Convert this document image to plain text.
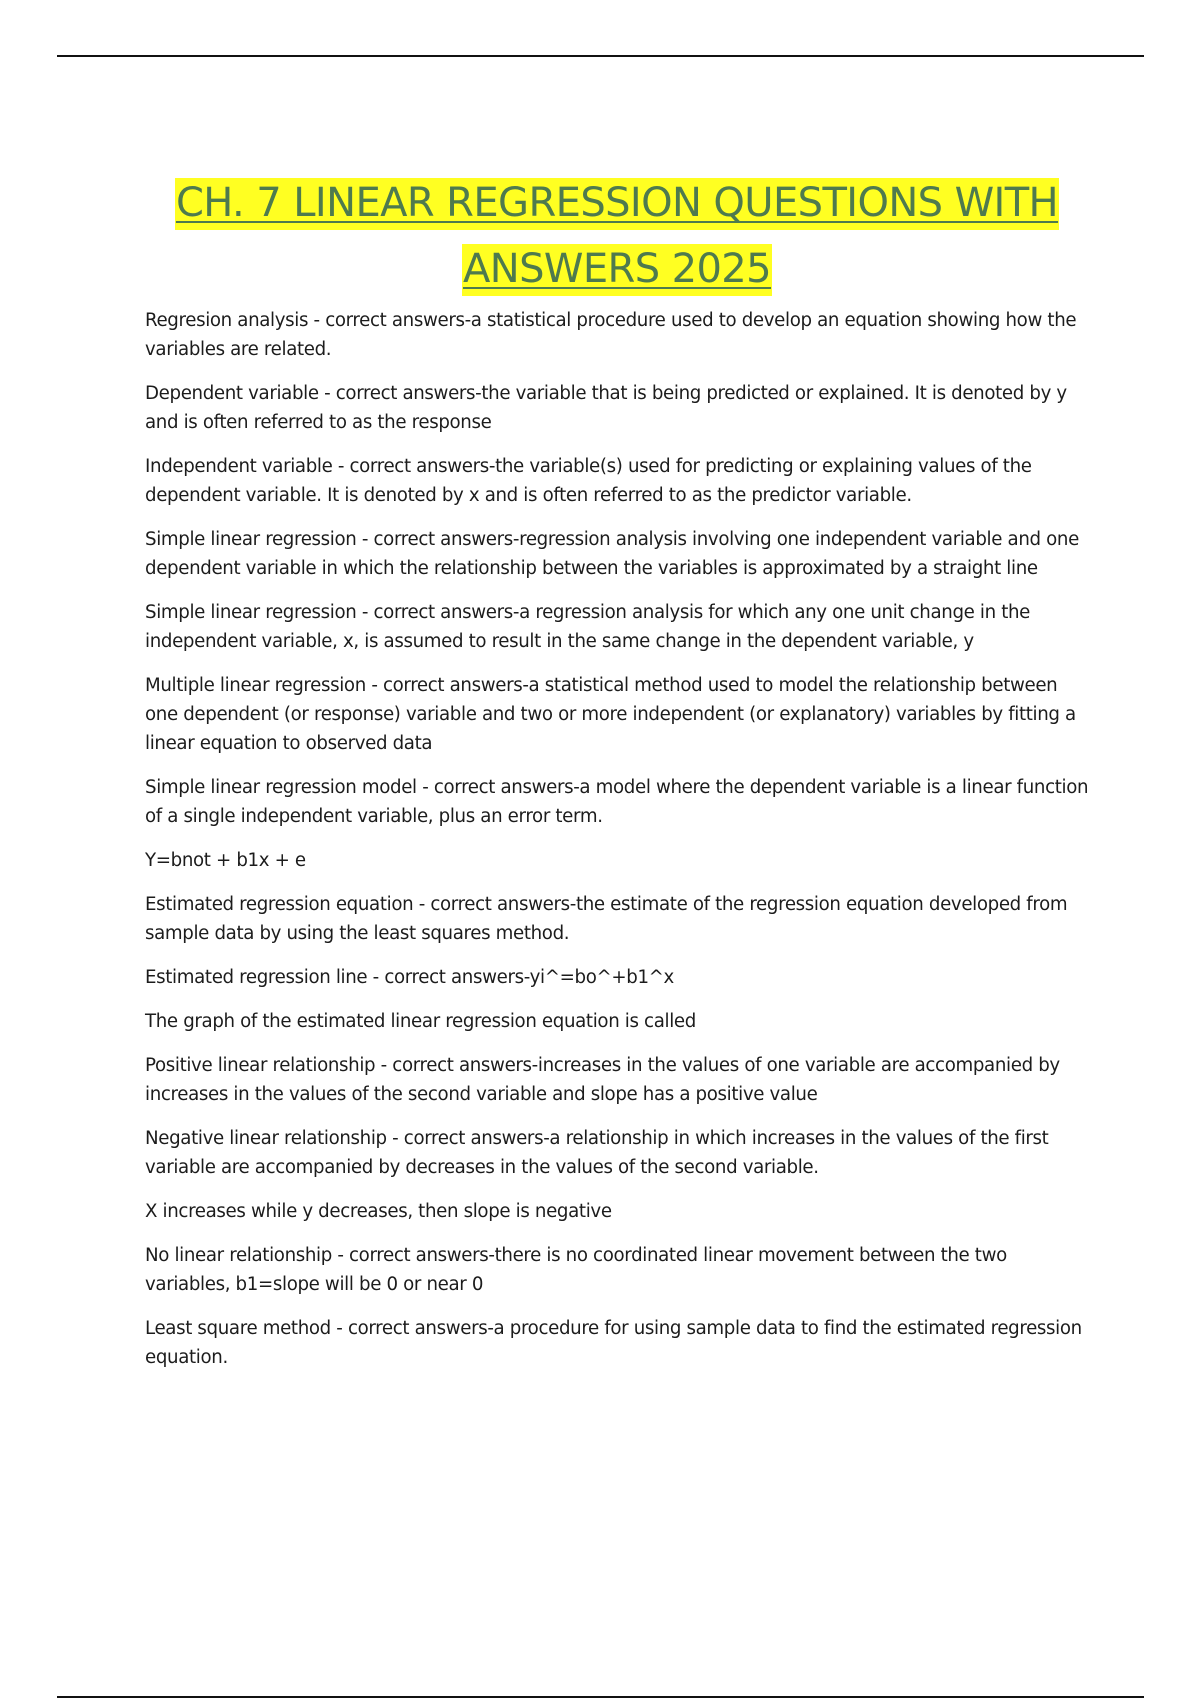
CH. 7 LINEAR REGRESSION QUESTIONS WITH ANSWERS 2025

Regresion analysis - correct answers-a statistical procedure used to develop an equation showing how the variables are related.

Dependent variable - correct answers-the variable that is being predicted or explained. It is denoted by y and is often referred to as the response

Independent variable - correct answers-the variable(s) used for predicting or explaining values of the dependent variable. It is denoted by x and is often referred to as the predictor variable.

Simple linear regression - correct answers-regression analysis involving one independent variable and one dependent variable in which the relationship between the variables is approximated by a straight line

Simple linear regression - correct answers-a regression analysis for which any one unit change in the independent variable, x, is assumed to result in the same change in the dependent variable, y

Multiple linear regression - correct answers-a statistical method used to model the relationship between one dependent (or response) variable and two or more independent (or explanatory) variables by fitting a linear equation to observed data

Simple linear regression model - correct answers-a model where the dependent variable is a linear function of a single independent variable, plus an error term.

Y=bnot + b1x + e

Estimated regression equation - correct answers-the estimate of the regression equation developed from sample data by using the least squares method.

Estimated regression line - correct answers-yi^=bo^+b1^x

The graph of the estimated linear regression equation is called

Positive linear relationship - correct answers-increases in the values of one variable are accompanied by increases in the values of the second variable and slope has a positive value

Negative linear relationship - correct answers-a relationship in which increases in the values of the first variable are accompanied by decreases in the values of the second variable.

X increases while y decreases, then slope is negative

No linear relationship - correct answers-there is no coordinated linear movement between the two variables, b1=slope will be 0 or near 0

Least square method - correct answers-a procedure for using sample data to find the estimated regression equation.
